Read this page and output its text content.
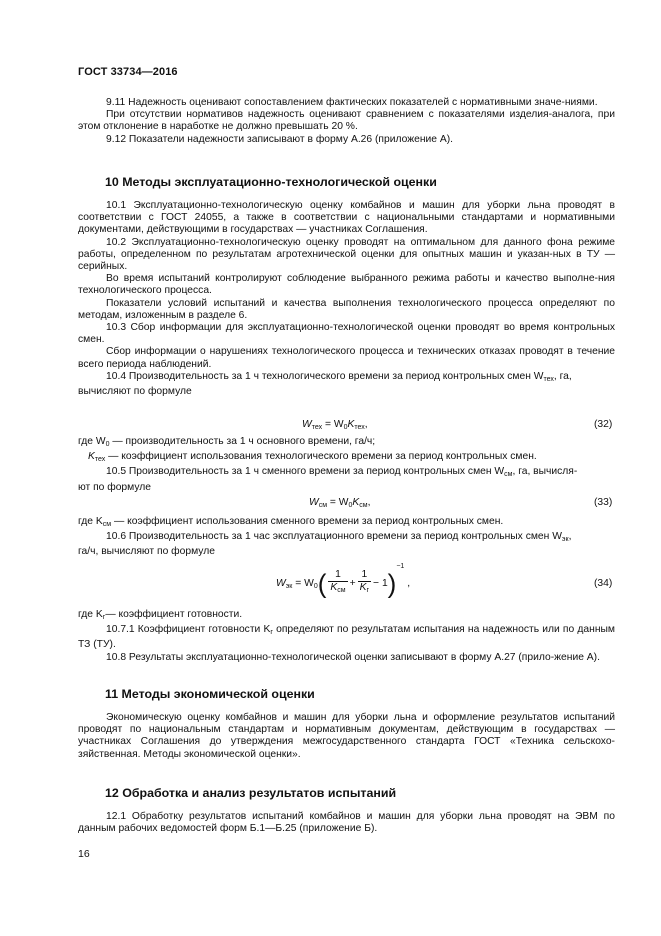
ГОСТ 33734—2016

9.11 Надежность оценивают сопоставлением фактических показателей с нормативными значе-ниями.

При отсутствии нормативов надежность оценивают сравнением с показателями изделия-аналога, при этом отклонение в наработке не должно превышать 20 %.

9.12 Показатели надежности записывают в форму А.26 (приложение А).

10 Методы эксплуатационно-технологической оценки

10.1 Эксплуатационно-технологическую оценку комбайнов и машин для уборки льна проводят в соответствии с ГОСТ 24055, а также в соответствии с национальными стандартами и нормативными документами, действующими в государствах — участниках Соглашения.

10.2 Эксплуатационно-технологическую оценку проводят на оптимальном для данного фона режиме работы, определенном по результатам агротехнической оценки для опытных машин и указан-ных в ТУ — серийных.

Во время испытаний контролируют соблюдение выбранного режима работы и качество выполне-ния технологического процесса.

Показатели условий испытаний и качества выполнения технологического процесса определяют по методам, изложенным в разделе 6.

10.3 Сбор информации для эксплуатационно-технологической оценки проводят во время контрольных смен.

Сбор информации о нарушениях технологического процесса и технических отказах проводят в течение всего периода наблюдений.

10.4 Производительность за 1 ч технологического времени за период контрольных смен $W_{тех}$, га,

вычисляют по формуле

$W_{тех} = W_0K_{тех}$,	(32)

где $W_0$ — производительность за 1 ч основного времени, га/ч;

$K_{тех}$ — коэффициент использования технологического времени за период контрольных смен.

10.5 Производительность за 1 ч сменного времени за период контрольных смен $W_{см}$, га, вычисля-

ют по формуле

$W_{см} = W_0K_{см}$,	(33)

где $K_{см}$ — коэффициент использования сменного времени за период контрольных смен.

10.6 Производительность за 1 час эксплуатационного времени за период контрольных смен $W_{эк}$,

га/ч, вычисляют по формуле

$W_{эк} = W_0( \frac{1}{K_{см}} + \frac{1}{K_г} - 1)^{-1}$ ,	(34)

где $K_г—$ коэффициент готовности.

10.7.1 Коэффициент готовности $K_г$ определяют по результатам испытания на надежность или по данным ТЗ (ТУ).

10.8 Результаты эксплуатационно-технологической оценки записывают в форму А.27 (прило-жение А).

11 Методы экономической оценки

Экономическую оценку комбайнов и машин для уборки льна и оформление результатов испытаний проводят по национальным стандартам и нормативным документам, действующим в государствах — участниках Соглашения до утверждения межгосударственного стандарта ГОСТ «Техника сельскохо-зяйственная. Методы экономической оценки».

12 Обработка и анализ результатов испытаний

12.1 Обработку результатов испытаний комбайнов и машин для уборки льна проводят на ЭВМ по данным рабочих ведомостей форм Б.1—Б.25 (приложение Б).

16
